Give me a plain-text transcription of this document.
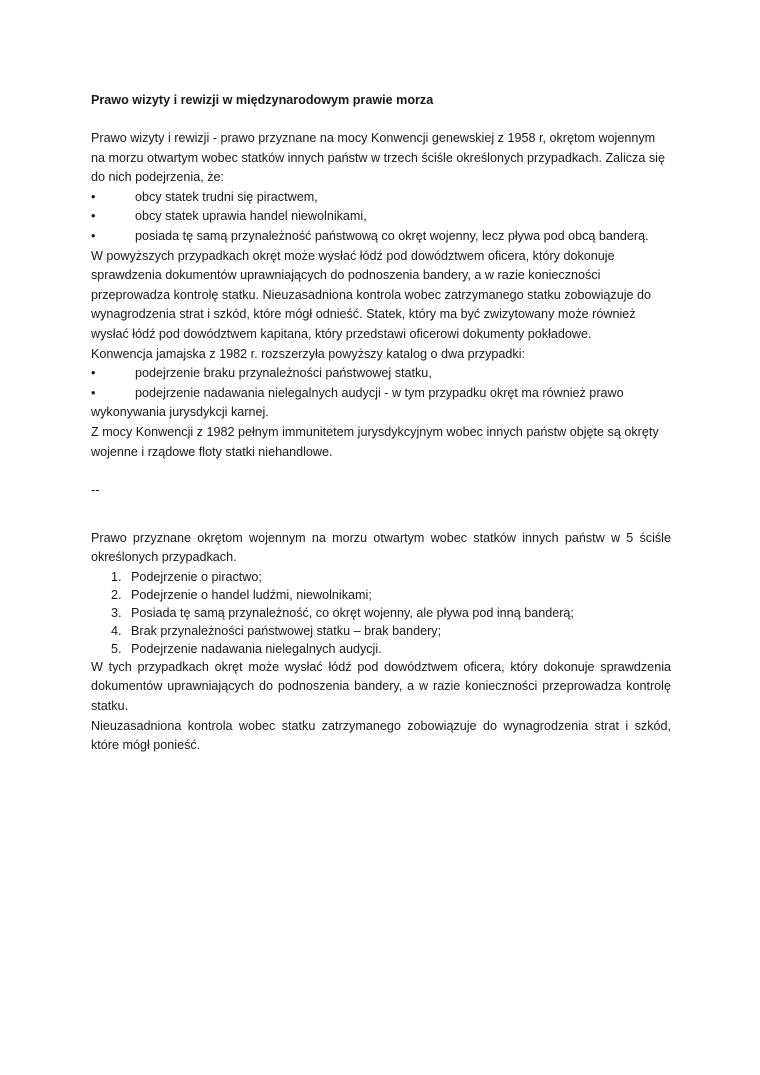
Prawo wizyty i rewizji w międzynarodowym prawie morza

Prawo wizyty i rewizji - prawo przyznane na mocy Konwencji genewskiej z 1958 r, okrętom wojennym na morzu otwartym wobec statków innych państw w trzech ściśle określonych przypadkach. Zalicza się do nich podejrzenia, że:

•	obcy statek trudni się piractwem,
•	obcy statek uprawia handel niewolnikami,
•	posiada tę samą przynależność państwową co okręt wojenny, lecz pływa pod obcą banderą.

W powyższych przypadkach okręt może wysłać łódź pod dowództwem oficera, który dokonuje sprawdzenia dokumentów uprawniających do podnoszenia bandery, a w razie konieczności przeprowadza kontrolę statku. Nieuzasadniona kontrola wobec zatrzymanego statku zobowiązuje do wynagrodzenia strat i szkód, które mógł odnieść. Statek, który ma być zwizytowany może również wysłać łódź pod dowództwem kapitana, który przedstawi oficerowi dokumenty pokładowe.

Konwencja jamajska z 1982 r. rozszerzyła powyższy katalog o dwa przypadki:

•	podejrzenie braku przynależności państwowej statku,
•	podejrzenie nadawania nielegalnych audycji - w tym przypadku okręt ma również prawo wykonywania jurysdykcji karnej.

Z mocy Konwencji z 1982 pełnym immunitetem jurysdykcyjnym wobec innych państw objęte są okręty wojenne i rządowe floty statki niehandlowe.

--

Prawo przyznane okrętom wojennym na morzu otwartym wobec statków innych państw w 5 ściśle określonych przypadkach.

1. Podejrzenie o piractwo;
2. Podejrzenie o handel ludźmi, niewolnikami;
3. Posiada tę samą przynależność, co okręt wojenny, ale pływa pod inną banderą;
4. Brak przynależności państwowej statku – brak bandery;
5. Podejrzenie nadawania nielegalnych audycji.

W tych przypadkach okręt może wysłać łódź pod dowództwem oficera, który dokonuje sprawdzenia dokumentów uprawniających do podnoszenia bandery, a w razie konieczności przeprowadza kontrolę statku.

Nieuzasadniona kontrola wobec statku zatrzymanego zobowiązuje do wynagrodzenia strat i szkód, które mógł ponieść.
